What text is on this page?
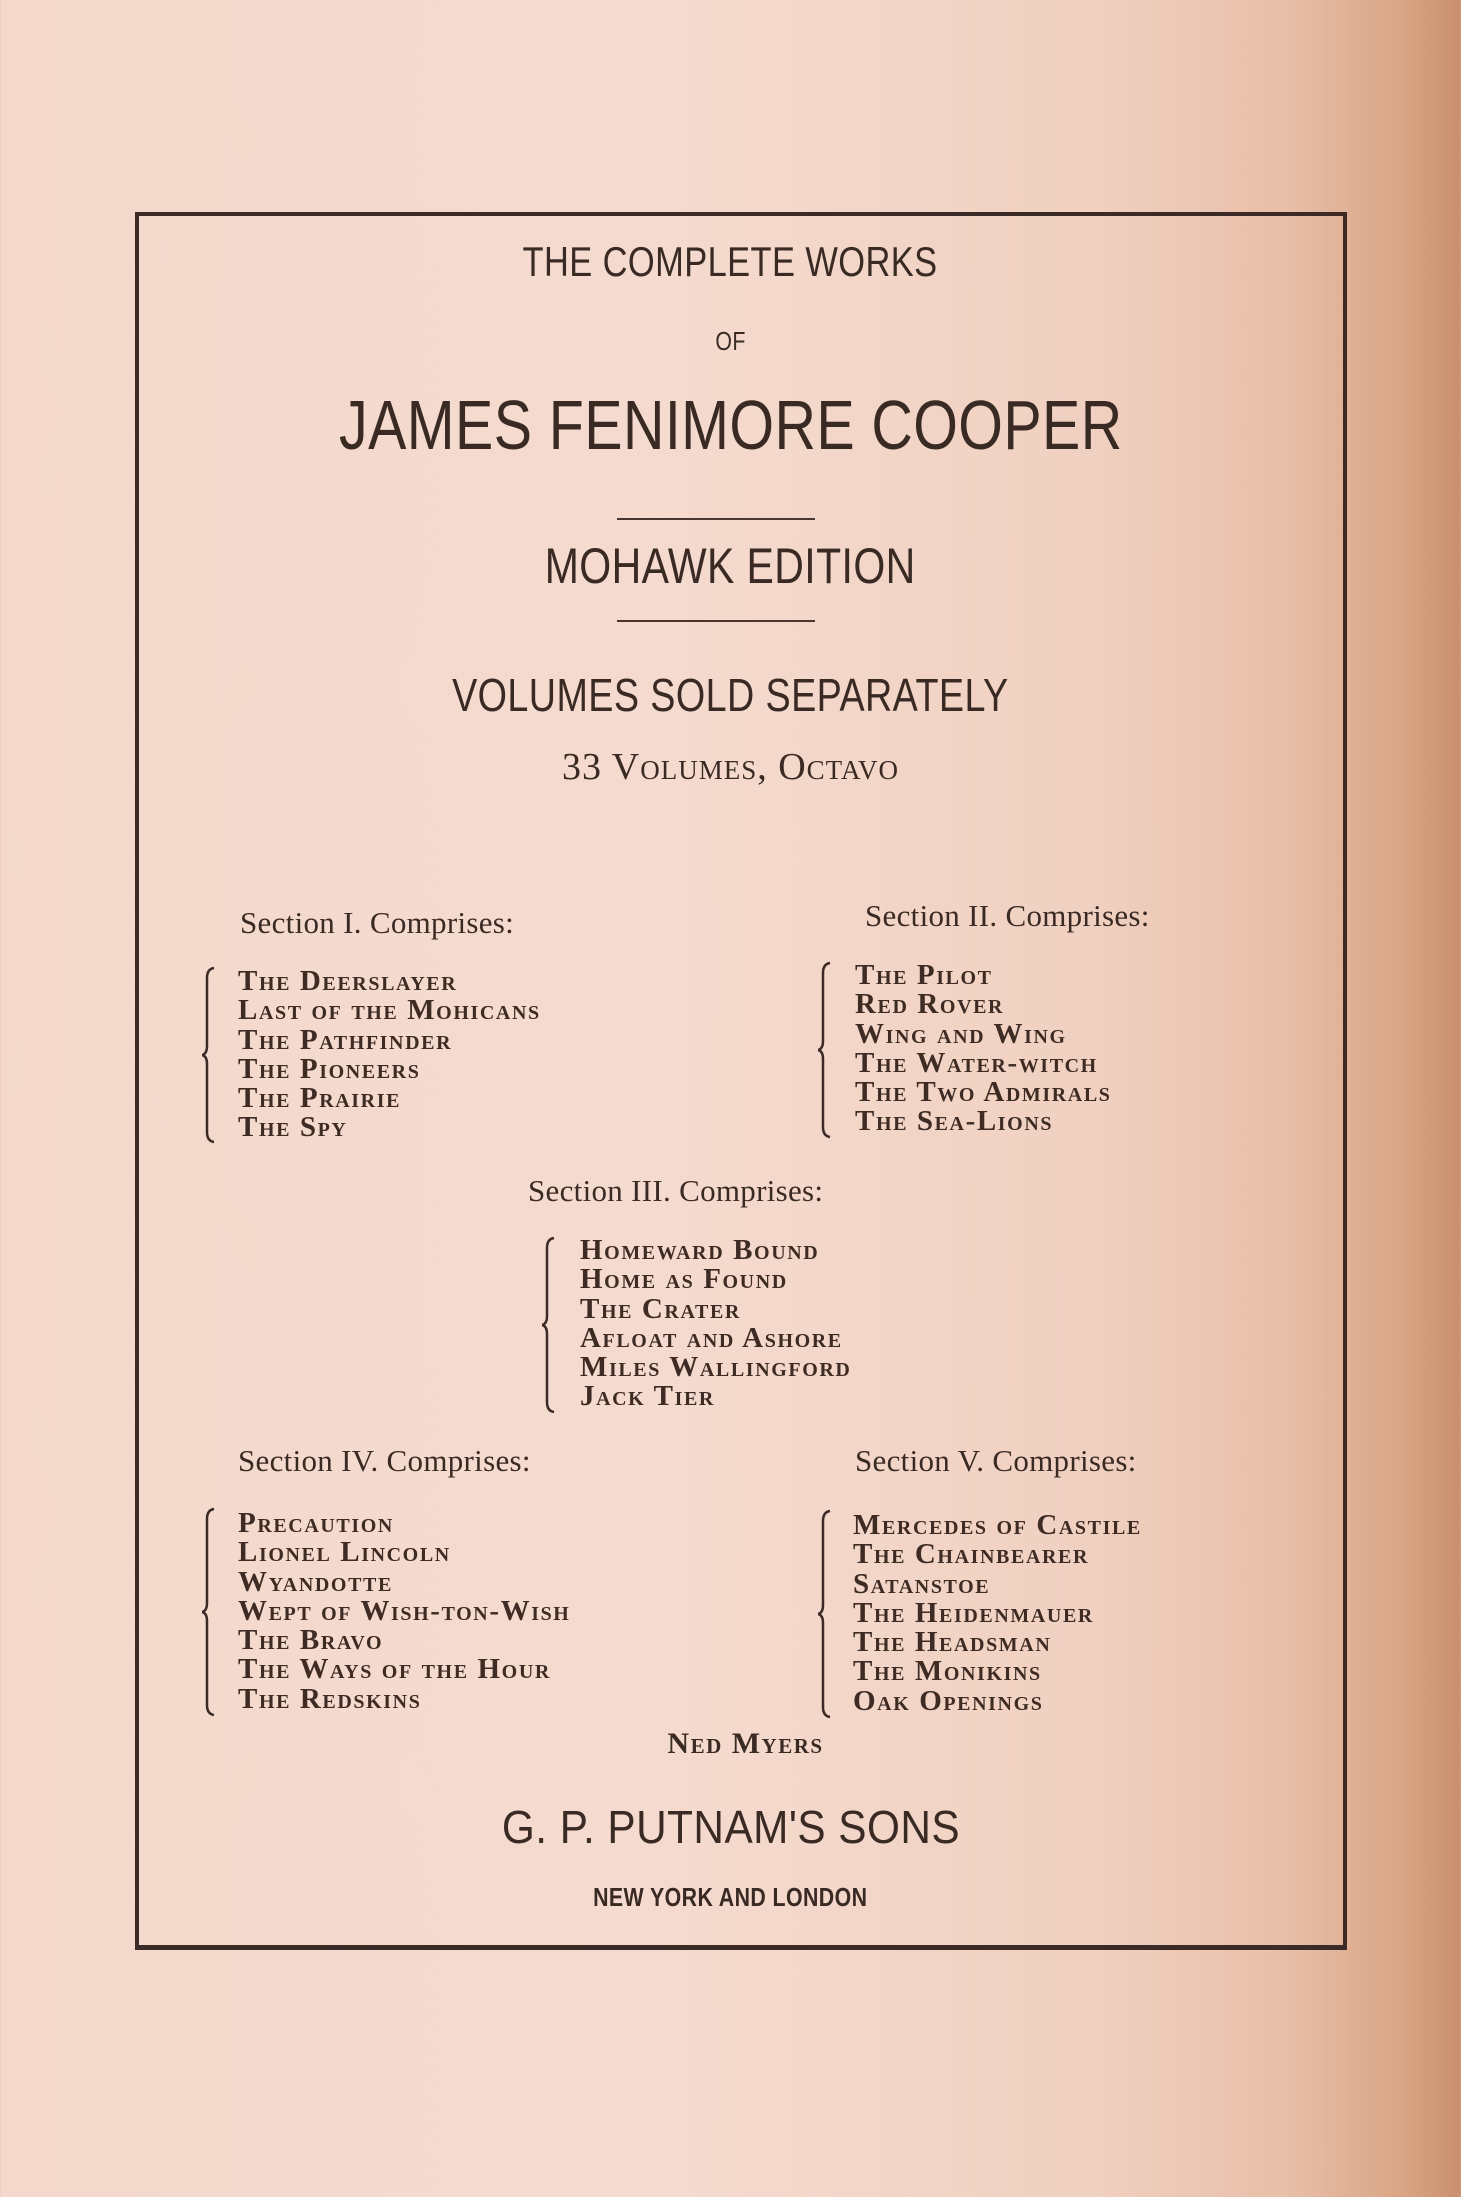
THE COMPLETE WORKS
OF
JAMES FENIMORE COOPER
MOHAWK EDITION
VOLUMES SOLD SEPARATELY
33 Volumes, Octavo
Section I. Comprises:
The Deerslayer
Last of the Mohicans
The Pathfinder
The Pioneers
The Prairie
The Spy
Section II. Comprises:
The Pilot
Red Rover
Wing and Wing
The Water-witch
The Two Admirals
The Sea-Lions
Section III. Comprises:
Homeward Bound
Home as Found
The Crater
Afloat and Ashore
Miles Wallingford
Jack Tier
Section IV. Comprises:
Precaution
Lionel Lincoln
Wyandotte
Wept of Wish-ton-Wish
The Bravo
The Ways of the Hour
The Redskins
Section V. Comprises:
Mercedes of Castile
The Chainbearer
Satanstoe
The Heidenmauer
The Headsman
The Monikins
Oak Openings
Ned Myers
G. P. PUTNAM'S SONS
NEW YORK AND LONDON
